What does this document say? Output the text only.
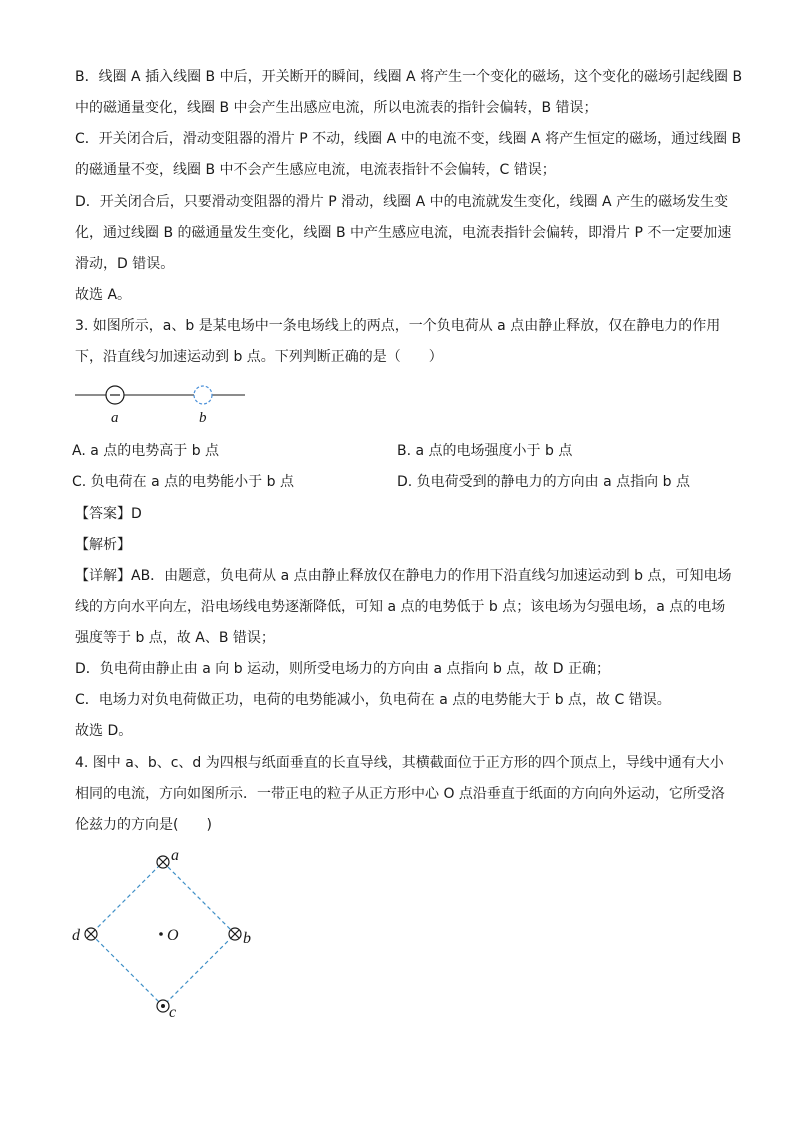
B．线圈 A 插入线圈 B 中后，开关断开的瞬间，线圈 A 将产生一个变化的磁场，这个变化的磁场引起线圈 B
中的磁通量变化，线圈 B 中会产生出感应电流，所以电流表的指针会偏转，B 错误；
C．开关闭合后，滑动变阻器的滑片 P 不动，线圈 A 中的电流不变，线圈 A 将产生恒定的磁场，通过线圈 B
的磁通量不变，线圈 B 中不会产生感应电流，电流表指针不会偏转，C 错误；
D．开关闭合后，只要滑动变阻器的滑片 P 滑动，线圈 A 中的电流就发生变化，线圈 A 产生的磁场发生变
化，通过线圈 B 的磁通量发生变化，线圈 B 中产生感应电流，电流表指针会偏转，即滑片 P 不一定要加速
滑动，D 错误。
故选 A。
3. 如图所示，a、b 是某电场中一条电场线上的两点，一个负电荷从 a 点由静止释放，仅在静电力的作用
下，沿直线匀加速运动到 b 点。下列判断正确的是（　　）
a	b
A. a 点的电势高于 b 点	B. a 点的电场强度小于 b 点
C. 负电荷在 a 点的电势能小于 b 点	D. 负电荷受到的静电力的方向由 a 点指向 b 点
【答案】D
【解析】
【详解】AB．由题意，负电荷从 a 点由静止释放仅在静电力的作用下沿直线匀加速运动到 b 点，可知电场
线的方向水平向左，沿电场线电势逐渐降低，可知 a 点的电势低于 b 点；该电场为匀强电场，a 点的电场
强度等于 b 点，故 A、B 错误；
D．负电荷由静止由 a 向 b 运动，则所受电场力的方向由 a 点指向 b 点，故 D 正确；
C．电场力对负电荷做正功，电荷的电势能减小，负电荷在 a 点的电势能大于 b 点，故 C 错误。
故选 D。
4. 图中 a、b、c、d 为四根与纸面垂直的长直导线，其横截面位于正方形的四个顶点上，导线中通有大小
相同的电流，方向如图所示．一带正电的粒子从正方形中心 O 点沿垂直于纸面的方向向外运动，它所受洛
伦兹力的方向是(　　)
a
b
c
d	O
